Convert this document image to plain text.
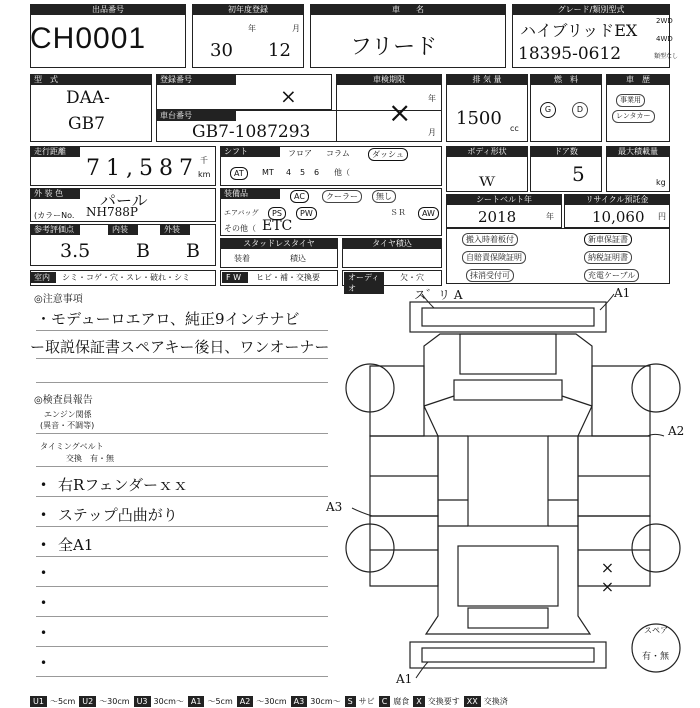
出品番号
CH0001
初年度登録
年	月
30 12
車　　名
フリード
グレード/類別型式
ハイブリッドEX
18395-0612
2WD
4WD
類型なし
型　式
DAA-
GB7
登録番号
×
車台番号
GB7-1087293
車検期限
年
月
×
排 気 量
1500 cc
燃　料
G	D
車　歴
事業用
レンタカー
走行距離
千
km
71,587
シフト	フロア コラム	ダッシュ
AT	MT 4 5 6 他（
ボディ形状
ｗ
ドア数
5
最大積載量
kg
外 装 色	パール
(カラーNo. NH788P
装備品	AC	クーラー	無し
エアバッグ	PS	PW	ＳＲ	AW
その他（ ETC
シートベルト年
2018	年
リサイクル預託金
10,060 円
参考評価点	内装	外装
3.5 B B	スタッドレスタイヤ
装着	積込
タイヤ積込	搬入時着板付
自賠責保険証明
抹消受付可
新車保証書
納税証明書
充電ケーブル
室内	シミ・コゲ・穴・スレ・破れ・シミ	F W	ヒビ・補・交換要	オーディオ
欠・穴
◎注意事項
・モデューロエアロ、純正9インチナビ
ー取説保証書スペアキー後日、ワンオーナー
◎検査員報告
エンジン関係
(異音・不調等)
タイミングベルト
交換　有・無
• 右Rフェンダーｘｘ
• ステップ凸曲がり
• 全A1
•
•
•
•
ス゛リ A	A1
A2
A3
A1
××
スペア
有・無
U1 ～5cm U2 ～30cm U3 30cm～ A1 ～5cm A2 ～30cm A3 30cm～ S サビ C 腐食 X 交換要す XX 交換済
